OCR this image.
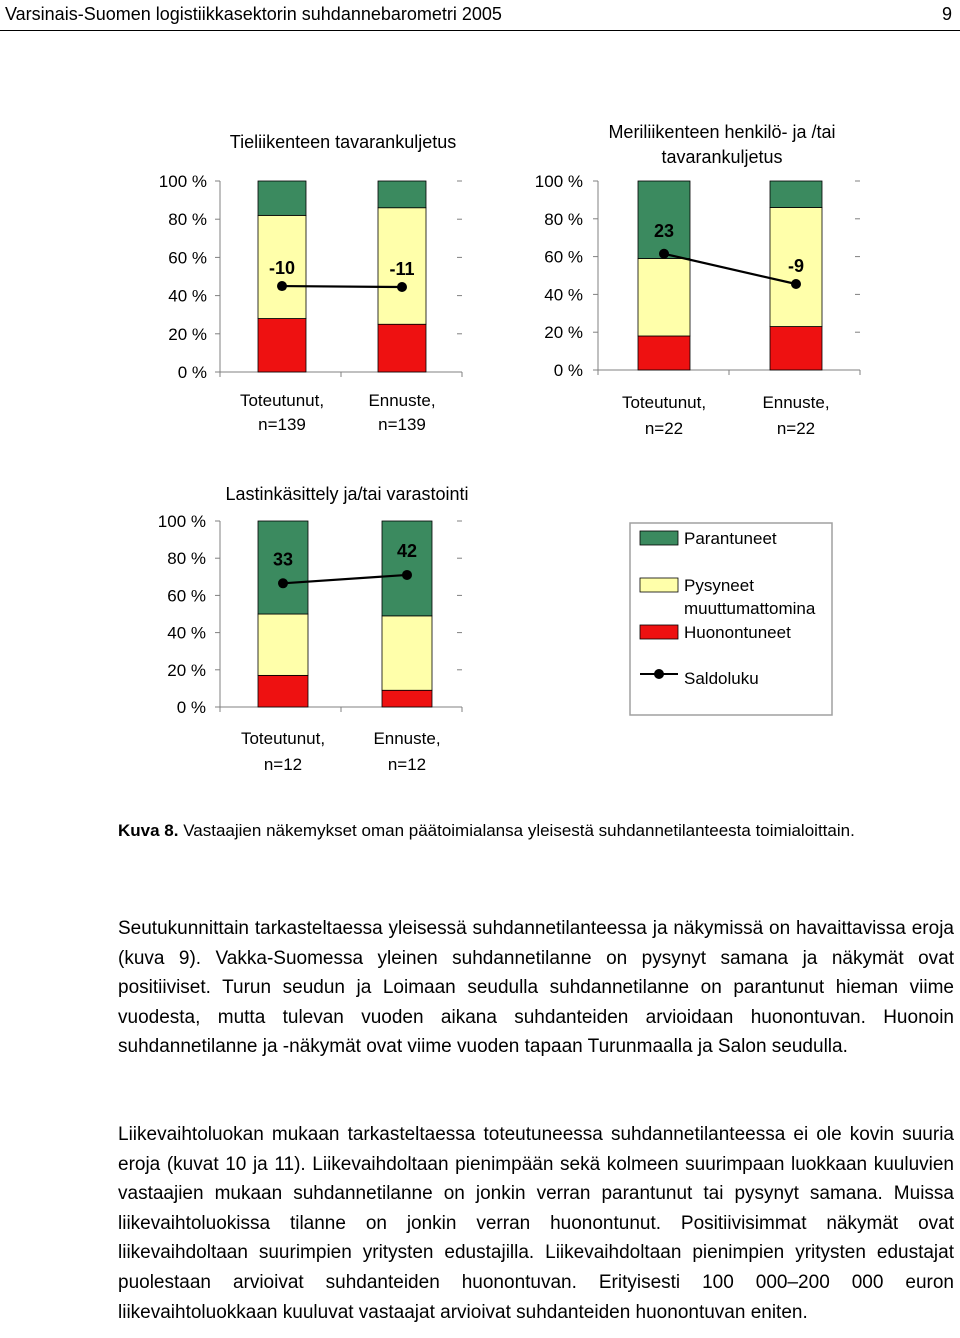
Varsinais-Suomen logistiikkasektorin suhdannebarometri 2005	9
0 %
20 %
40 %
60 %
80 %
100 %
Tieliikenteen tavarankuljetus
Toteutunut,
n=139
Ennuste,
n=139
-10	-11
0 %
20 %
40 %
60 %
80 %
100 %
Meriliikenteen henkilö- ja /tai
tavarankuljetus
Toteutunut,
n=22
Ennuste,
n=22
23
-9
0 %
20 %
40 %
60 %
80 %
100 %
Lastinkäsittely ja/tai varastointi
Toteutunut,
n=12
Ennuste,
n=12
33	42
Parantuneet
Pysyneet
muuttumattomina
Huonontuneet
Saldoluku
Kuva 8. Vastaajien näkemykset oman päätoimialansa yleisestä suhdannetilanteesta toimialoittain.

Seutukunnittain tarkasteltaessa yleisessä suhdannetilanteessa ja näkymissä on havaittavissa eroja (kuva 9). Vakka-Suomessa yleinen suhdannetilanne on pysynyt samana ja näkymät ovat positiiviset. Turun seudun ja Loimaan seudulla suhdannetilanne on parantunut hieman viime vuodesta, mutta tulevan vuoden aikana suhdanteiden arvioidaan huonontuvan. Huonoin suhdannetilanne ja -näkymät ovat viime vuoden tapaan Turunmaalla ja Salon seudulla.

Liikevaihtoluokan mukaan tarkasteltaessa toteutuneessa suhdannetilanteessa ei ole kovin suuria eroja (kuvat 10 ja 11). Liikevaihdoltaan pienimpään sekä kolmeen suurimpaan luokkaan kuuluvien vastaajien mukaan suhdannetilanne on jonkin verran parantunut tai pysynyt samana. Muissa liikevaihtoluokissa tilanne on jonkin verran huonontunut. Positiivisimmat näkymät ovat liikevaihdoltaan suurimpien yritysten edustajilla. Liikevaihdoltaan pienimpien yritysten edustajat puolestaan arvioivat suhdanteiden huonontuvan. Erityisesti 100 000–200 000 euron liikevaihtoluokkaan kuuluvat vastaajat arvioivat suhdanteiden huonontuvan eniten.
